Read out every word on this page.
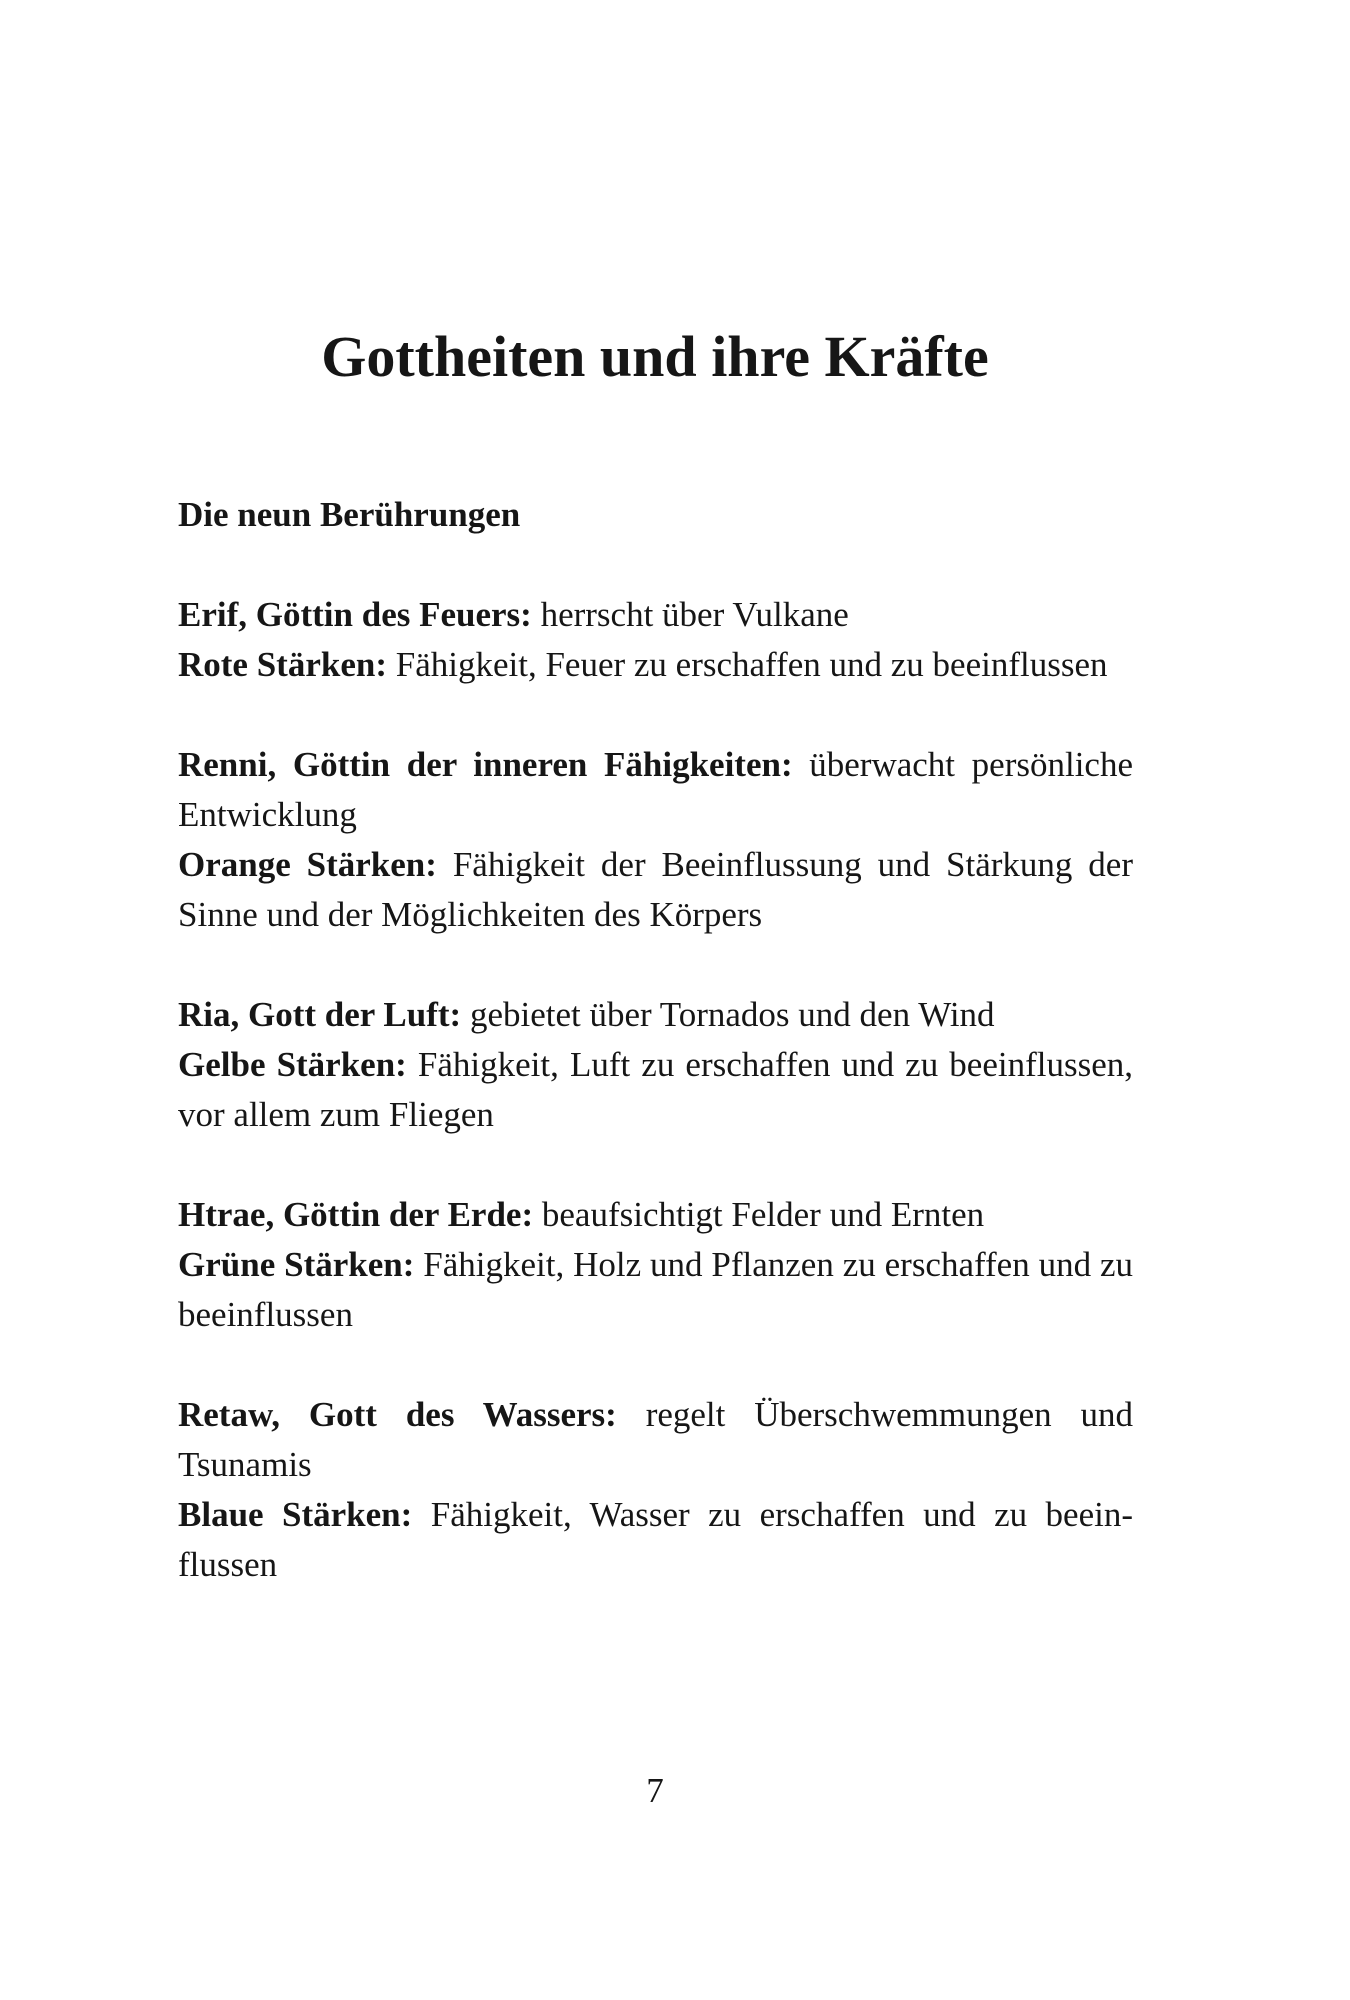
Gottheiten und ihre Kräfte
Die neun Berührungen

Erif, Göttin des Feuers: herrscht über Vulkane

Rote Stärken: Fähigkeit, Feuer zu erschaffen und zu beeinflussen

Renni, Göttin der inneren Fähigkeiten: überwacht persönliche Entwicklung

Orange Stärken: Fähigkeit der Beeinflussung und Stärkung der Sinne und der Möglichkeiten des Körpers

Ria, Gott der Luft: gebietet über Tornados und den Wind

Gelbe Stärken: Fähigkeit, Luft zu erschaffen und zu beeinflussen, vor allem zum Fliegen

Htrae, Göttin der Erde: beaufsichtigt Felder und Ernten

Grüne Stärken: Fähigkeit, Holz und Pflanzen zu erschaffen und zu beeinflussen

Retaw, Gott des Wassers: regelt Überschwemmungen und Tsunamis

Blaue Stärken: Fähigkeit, Wasser zu erschaffen und zu beeinflussen

7
